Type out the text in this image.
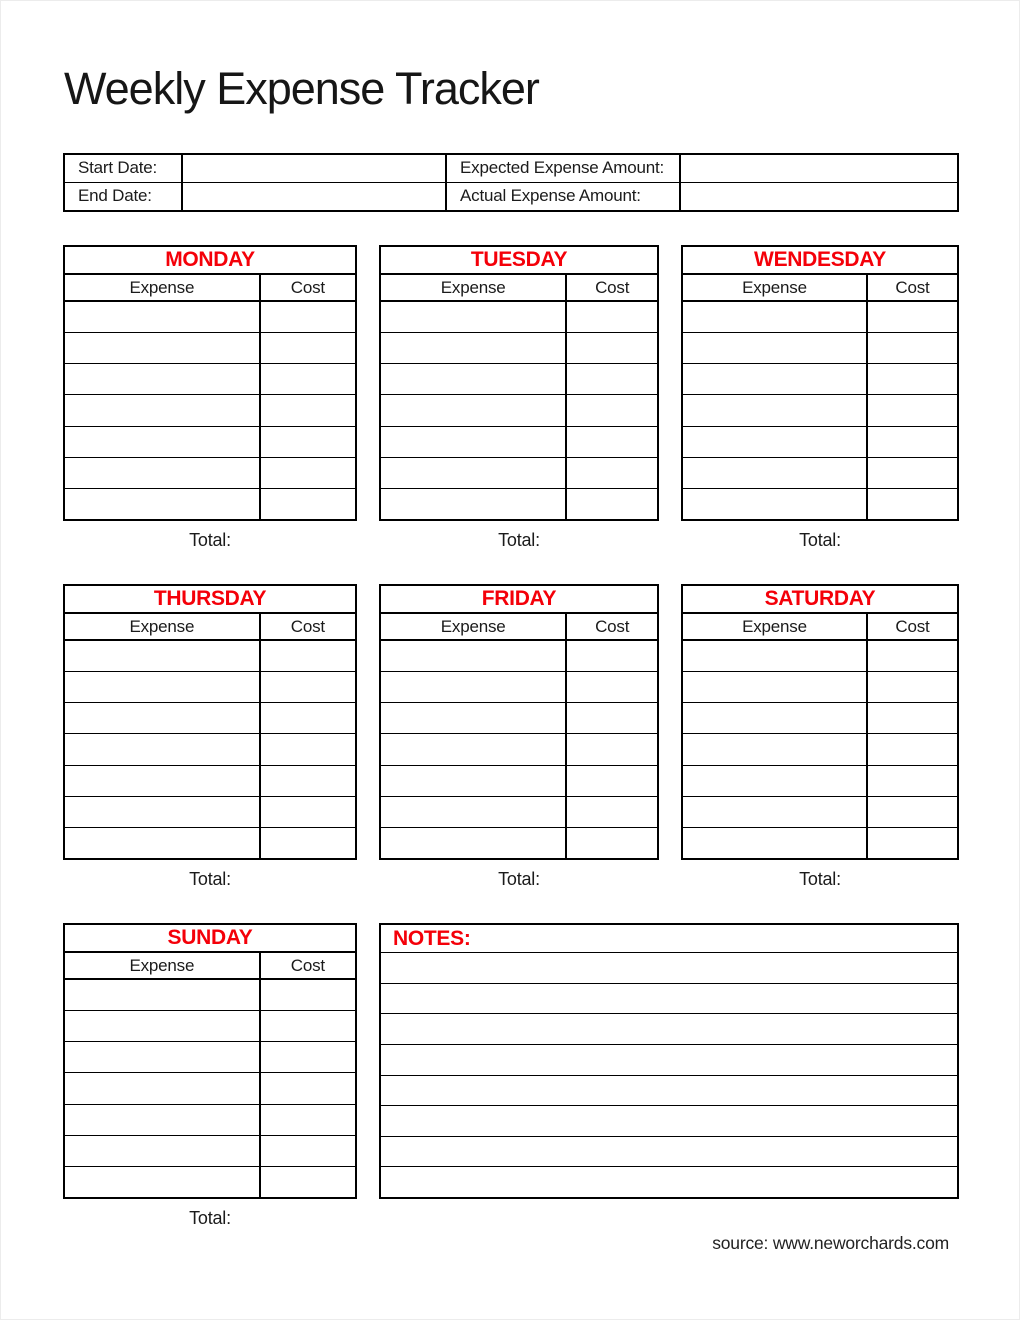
Weekly Expense Tracker
Start Date:	Expected Expense Amount:
End Date:	Actual Expense Amount:
MONDAY
Expense	Cost
Total:
TUESDAY
Expense	Cost
Total:
WENDESDAY
Expense	Cost
Total:
THURSDAY
Expense	Cost
Total:
FRIDAY
Expense	Cost
Total:
SATURDAY
Expense	Cost
Total:
SUNDAY
Expense	Cost
Total:
NOTES:
source: www.neworchards.com
